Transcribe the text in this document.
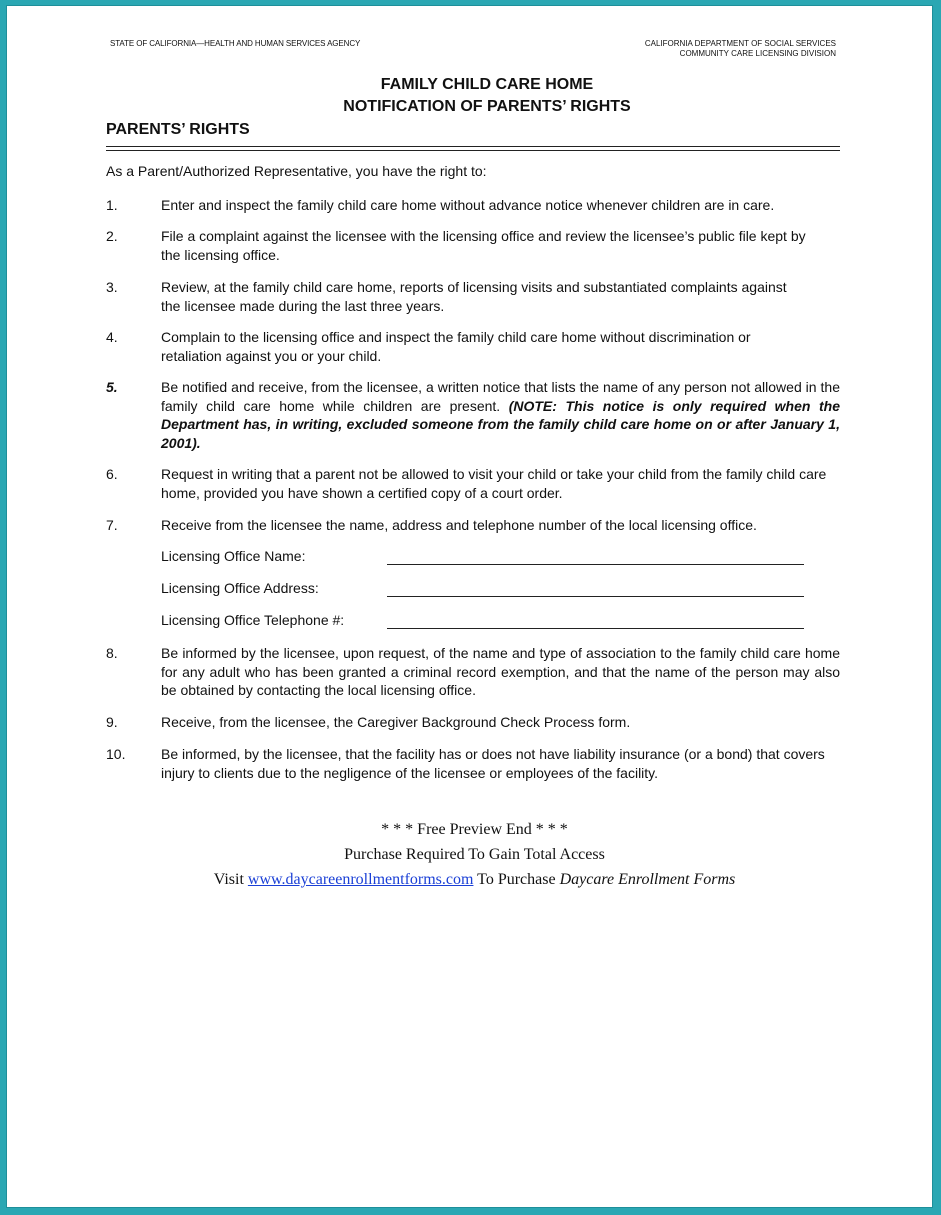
STATE OF CALIFORNIA—HEALTH AND HUMAN SERVICES AGENCY	CALIFORNIA DEPARTMENT OF SOCIAL SERVICES
COMMUNITY CARE LICENSING DIVISION
FAMILY CHILD CARE HOME
NOTIFICATION OF PARENTS’ RIGHTS
PARENTS’ RIGHTS
As a Parent/Authorized Representative, you have the right to:
1.	Enter and inspect the family child care home without advance notice whenever children are in care.
2.	File a complaint against the licensee with the licensing office and review the licensee’s public file kept by the licensing office.
3.	Review, at the family child care home, reports of licensing visits and substantiated complaints against the licensee made during the last three years.
4.	Complain to the licensing office and inspect the family child care home without discrimination or retaliation against you or your child.
5.	Be notified and receive, from the licensee, a written notice that lists the name of any person not allowed in the family child care home while children are present. (NOTE: This notice is only required when the Department has, in writing, excluded someone from the family child care home on or after January 1, 2001).
6.	Request in writing that a parent not be allowed to visit your child or take your child from the family child care home, provided you have shown a certified copy of a court order.
7.	Receive from the licensee the name, address and telephone number of the local licensing office.
Licensing Office Name:
Licensing Office Address:
Licensing Office Telephone #:
8.	Be informed by the licensee, upon request, of the name and type of association to the family child care home for any adult who has been granted a criminal record exemption, and that the name of the person may also be obtained by contacting the local licensing office.
9.	Receive, from the licensee, the Caregiver Background Check Process form.
10.	Be informed, by the licensee, that the facility has or does not have liability insurance (or a bond) that covers injury to clients due to the negligence of the licensee or employees of the facility.
* * * Free Preview End * * *
Purchase Required To Gain Total Access
Visit www.daycareenrollmentforms.com To Purchase Daycare Enrollment Forms
